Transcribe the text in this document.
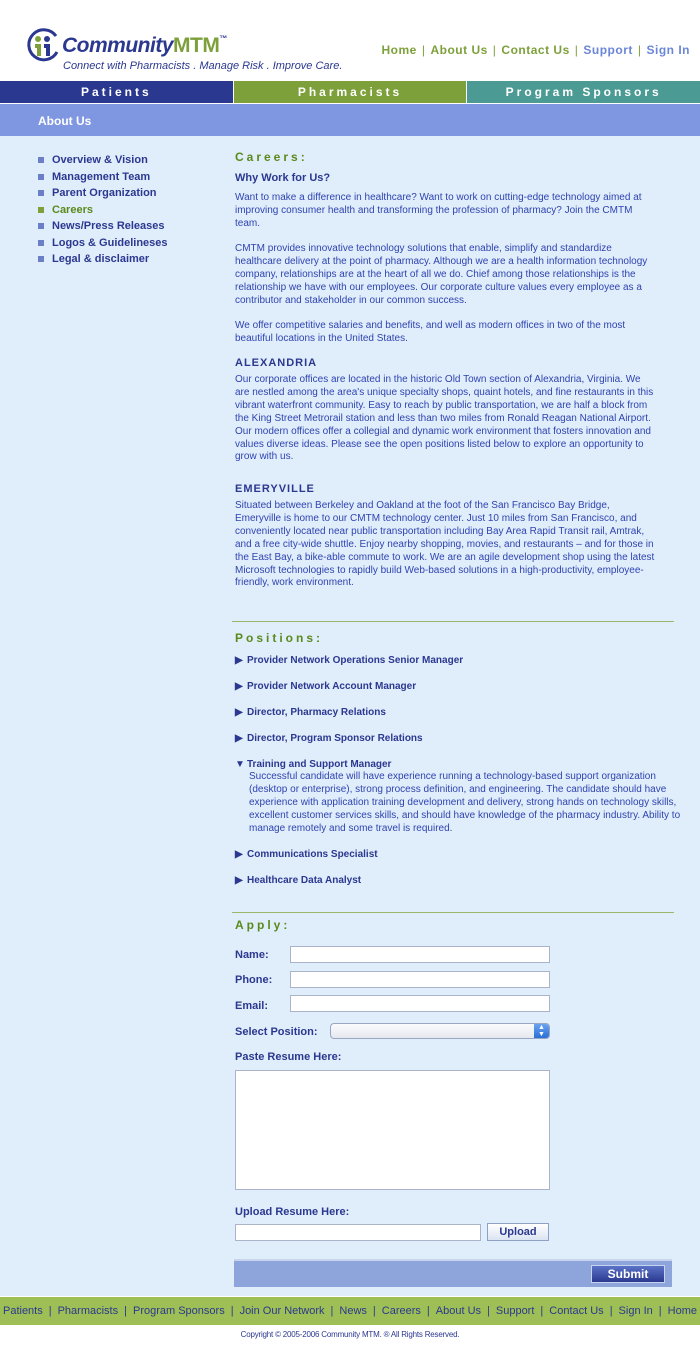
CommunityMTM™
Connect with Pharmacists . Manage Risk . Improve Care.
Home | About Us | Contact Us | Support | Sign In
Patients	Pharmacists	Program Sponsors
About Us
Overview & Vision
Management Team
Parent Organization
Careers
News/Press Releases
Logos & Guidelineses
Legal & disclaimer
Careers:
Why Work for Us?
Want to make a difference in healthcare? Want to work on cutting-edge technology aimed at improving consumer health and transforming the profession of pharmacy? Join the CMTM team.
CMTM provides innovative technology solutions that enable, simplify and standardize healthcare delivery at the point of pharmacy. Although we are a health information technology company, relationships are at the heart of all we do. Chief among those relationships is the relationship we have with our employees. Our corporate culture values every employee as a contributor and stakeholder in our common success.
We offer competitive salaries and benefits, and well as modern offices in two of the most beautiful locations in the United States.
ALEXANDRIA
Our corporate offices are located in the historic Old Town section of Alexandria, Virginia. We are nestled among the area's unique specialty shops, quaint hotels, and fine restaurants in this vibrant waterfront community. Easy to reach by public transportation, we are half a block from the King Street Metrorail station and less than two miles from Ronald Reagan National Airport. Our modern offices offer a collegial and dynamic work environment that fosters innovation and values diverse ideas. Please see the open positions listed below to explore an opportunity to grow with us.
EMERYVILLE
Situated between Berkeley and Oakland at the foot of the San Francisco Bay Bridge, Emeryville is home to our CMTM technology center. Just 10 miles from San Francisco, and conveniently located near public transportation including Bay Area Rapid Transit rail, Amtrak, and a free city-wide shuttle. Enjoy nearby shopping, movies, and restaurants – and for those in the East Bay, a bike-able commute to work. We are an agile development shop using the latest Microsoft technologies to rapidly build Web-based solutions in a high-productivity, employee-friendly, work environment.
Positions:
▶ Provider Network Operations Senior Manager
▶ Provider Network Account Manager
▶ Director, Pharmacy Relations
▶ Director, Program Sponsor Relations
▼ Training and Support Manager
Successful candidate will have experience running a technology-based support organization (desktop or enterprise), strong process definition, and engineering. The candidate should have experience with application training development and delivery, strong hands on technology skills, excellent customer services skills, and should have knowledge of the pharmacy industry. Ability to manage remotely and some travel is required.
▶ Communications Specialist
▶ Healthcare Data Analyst
Apply:
Name:
Phone:
Email:
Select Position:	▲
▼
Paste Resume Here:
Upload Resume Here:
Upload
Submit
Patients | Pharmacists | Program Sponsors | Join Our Network | News | Careers | About Us | Support | Contact Us | Sign In | Home
Copyright © 2005-2006 Community MTM. ® All Rights Reserved.
